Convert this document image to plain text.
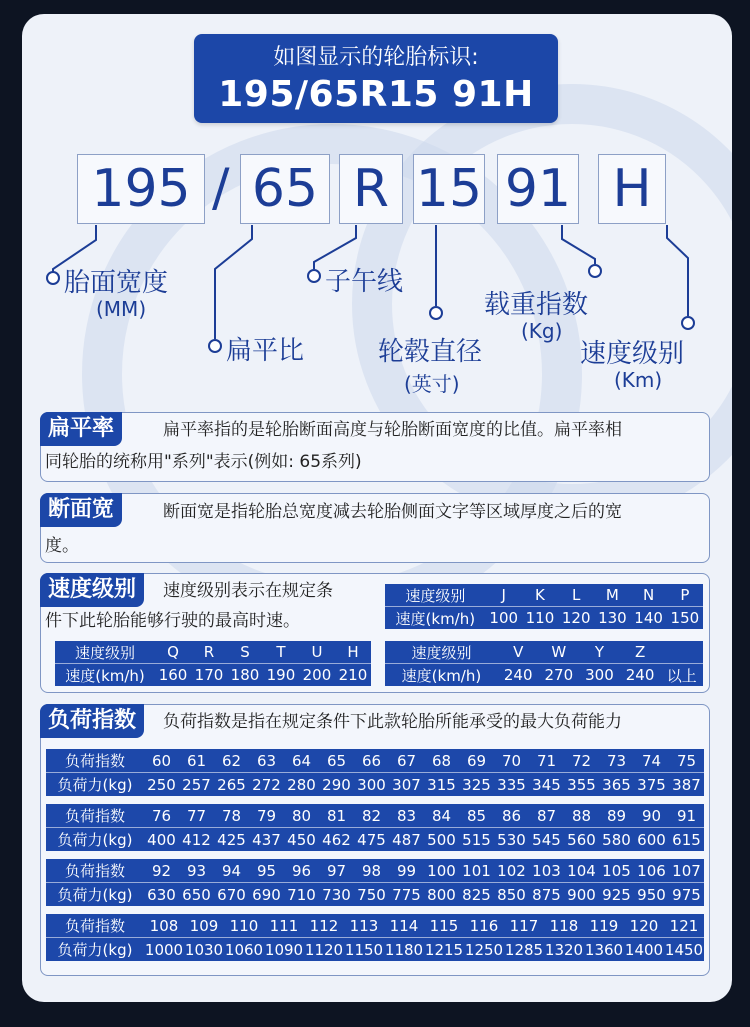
如图显示的轮胎标识:
195/65R15 91H
195 / 65 R 15 91 H
胎面宽度
(MM)
扁平比
子午线
轮毂直径
(英寸)
载重指数
(Kg)
速度级别
(Km)
扁平率	扁平率指的是轮胎断面高度与轮胎断面宽度的比值。扁平率相
同轮胎的统称用"系列"表示(例如: 65系列)
断面宽	断面宽是指轮胎总宽度减去轮胎侧面文字等区域厚度之后的宽
度。
速度级别	速度级别表示在规定条
件下此轮胎能够行驶的最高时速。
速度级别	J	K	L	M	N	P
速度(km/h)	100	110	120	130	140	150
速度级别	Q	R	S	T	U	H
速度(km/h)	160	170	180	190	200	210
速度级别	V	W	Y	Z	
速度(km/h)	240	270	300	240	以上
负荷指数	负荷指数是指在规定条件下此款轮胎所能承受的最大负荷能力
负荷指数	60	61	62	63	64	65	66	67	68	69	70	71	72	73	74	75
负荷力(kg)	250	257	265	272	280	290	300	307	315	325	335	345	355	365	375	387
负荷指数	76	77	78	79	80	81	82	83	84	85	86	87	88	89	90	91
负荷力(kg)	400	412	425	437	450	462	475	487	500	515	530	545	560	580	600	615
负荷指数	92	93	94	95	96	97	98	99	100	101	102	103	104	105	106	107
负荷力(kg)	630	650	670	690	710	730	750	775	800	825	850	875	900	925	950	975
负荷指数	108	109	110	111	112	113	114	115	116	117	118	119	120	121
负荷力(kg)	1000	1030	1060	1090	1120	1150	1180	1215	1250	1285	1320	1360	1400	1450
